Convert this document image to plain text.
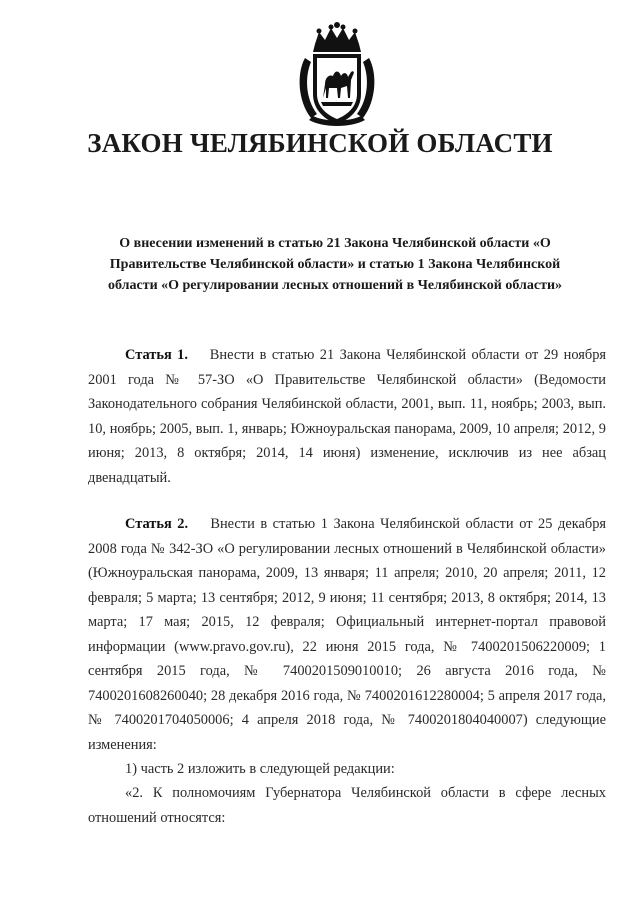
ЗАКОН ЧЕЛЯБИНСКОЙ ОБЛАСТИ
О внесении изменений в статью 21 Закона Челябинской области «О Правительстве Челябинской области» и статью 1 Закона Челябинской области «О регулировании лесных отношений в Челябинской области»
Статья 1. Внести в статью 21 Закона Челябинской области от 29 ноября 2001 года № 57-ЗО «О Правительстве Челябинской области» (Ведомости Законодательного собрания Челябинской области, 2001, вып. 11, ноябрь; 2003, вып. 10, ноябрь; 2005, вып. 1, январь; Южноуральская панорама, 2009, 10 апреля; 2012, 9 июня; 2013, 8 октября; 2014, 14 июня) изменение, исключив из нее абзац двенадцатый.
Статья 2. Внести в статью 1 Закона Челябинской области от 25 декабря 2008 года № 342-ЗО «О регулировании лесных отношений в Челябинской области» (Южноуральская панорама, 2009, 13 января; 11 апреля; 2010, 20 апреля; 2011, 12 февраля; 5 марта; 13 сентября; 2012, 9 июня; 11 сентября; 2013, 8 октября; 2014, 13 марта; 17 мая; 2015, 12 февраля; Официальный интернет-портал правовой информации (www.pravo.gov.ru), 22 июня 2015 года, № 7400201506220009; 1 сентября 2015 года, № 7400201509010010; 26 августа 2016 года, № 7400201608260040; 28 декабря 2016 года, № 7400201612280004; 5 апреля 2017 года, № 7400201704050006; 4 апреля 2018 года, № 7400201804040007) следующие изменения:
1) часть 2 изложить в следующей редакции:
«2. К полномочиям Губернатора Челябинской области в сфере лесных отношений относятся:
